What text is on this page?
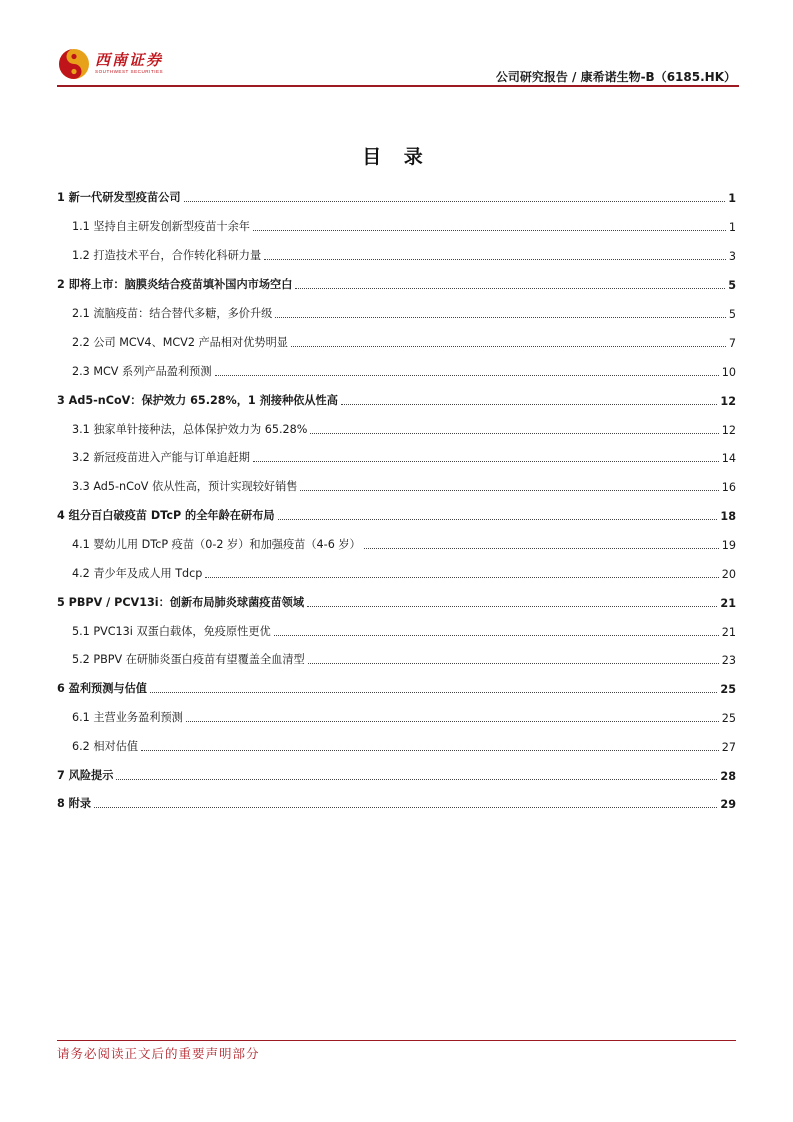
西南证券
SOUTHWEST SECURITIES	公司研究报告 / 康希诺生物-B（6185.HK）
目 录
1 新一代研发型疫苗公司	1
1.1 坚持自主研发创新型疫苗十余年	1
1.2 打造技术平台，合作转化科研力量	3
2 即将上市：脑膜炎结合疫苗填补国内市场空白	5
2.1 流脑疫苗：结合替代多糖，多价升级	5
2.2 公司 MCV4、MCV2 产品相对优势明显	7
2.3 MCV 系列产品盈利预测	10
3 Ad5-nCoV：保护效力 65.28%，1 剂接种依从性高	12
3.1 独家单针接种法，总体保护效力为 65.28%	12
3.2 新冠疫苗进入产能与订单追赶期	14
3.3 Ad5-nCoV 依从性高，预计实现较好销售	16
4 组分百白破疫苗 DTcP 的全年龄在研布局	18
4.1 婴幼儿用 DTcP 疫苗（0-2 岁）和加强疫苗（4-6 岁）	19
4.2 青少年及成人用 Tdcp	20
5 PBPV / PCV13i：创新布局肺炎球菌疫苗领域	21
5.1 PVC13i 双蛋白载体，免疫原性更优	21
5.2 PBPV 在研肺炎蛋白疫苗有望覆盖全血清型	23
6 盈利预测与估值	25
6.1 主营业务盈利预测	25
6.2 相对估值	27
7 风险提示	28
8 附录	29
请务必阅读正文后的重要声明部分
